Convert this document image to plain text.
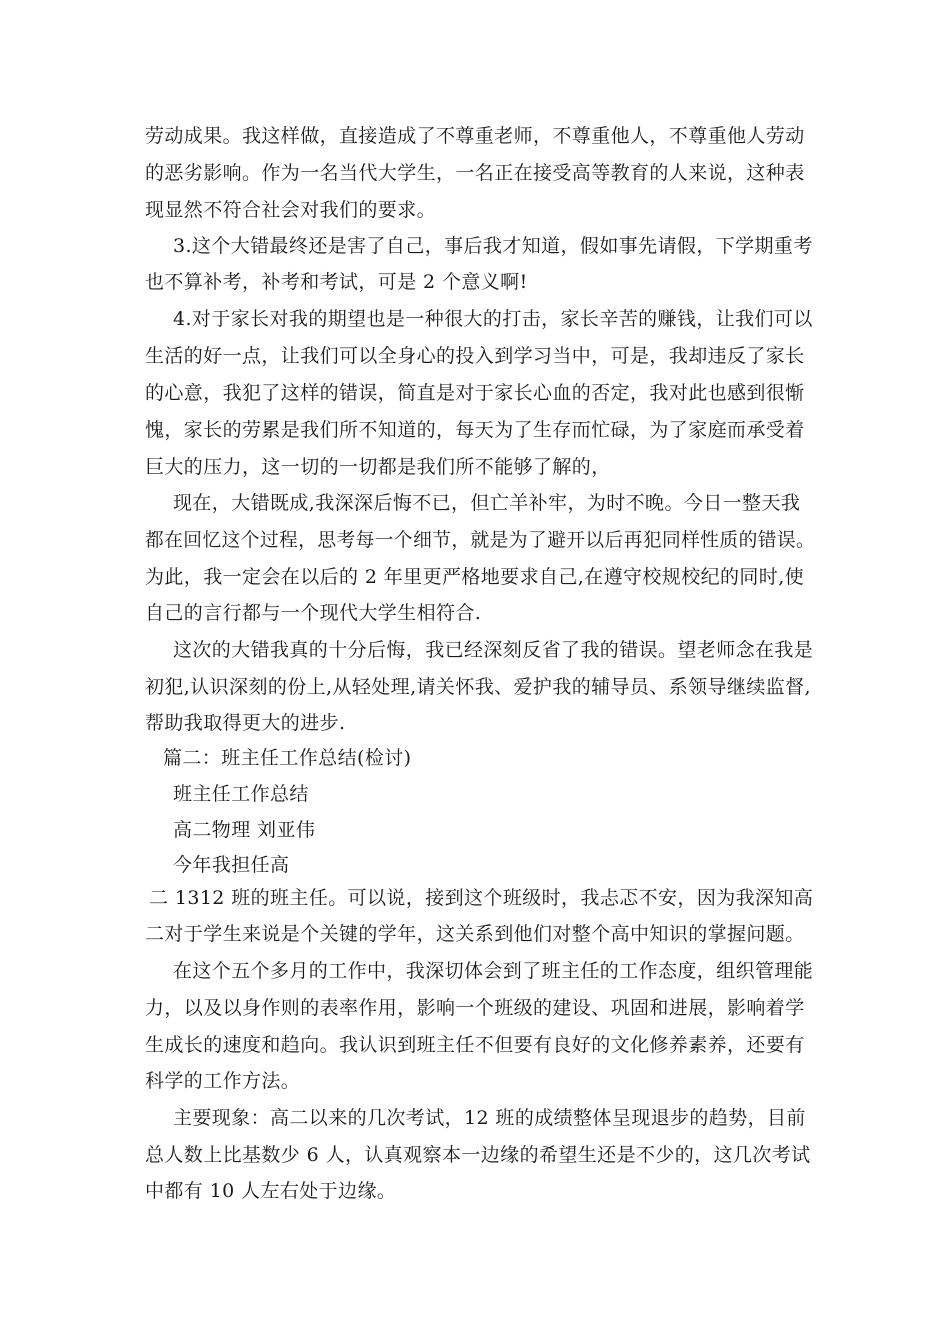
劳动成果。我这样做，直接造成了不尊重老师，不尊重他人，不尊重他人劳动
的恶劣影响。作为一名当代大学生，一名正在接受高等教育的人来说，这种表
现显然不符合社会对我们的要求。
3.这个大错最终还是害了自己，事后我才知道，假如事先请假，下学期重考
也不算补考，补考和考试，可是 2 个意义啊!
4.对于家长对我的期望也是一种很大的打击，家长辛苦的赚钱，让我们可以
生活的好一点，让我们可以全身心的投入到学习当中，可是，我却违反了家长
的心意，我犯了这样的错误，简直是对于家长心血的否定，我对此也感到很惭
愧，家长的劳累是我们所不知道的，每天为了生存而忙碌，为了家庭而承受着
巨大的压力，这一切的一切都是我们所不能够了解的，
现在，大错既成,我深深后悔不已，但亡羊补牢，为时不晚。今日一整天我
都在回忆这个过程，思考每一个细节，就是为了避开以后再犯同样性质的错误。
为此，我一定会在以后的 2 年里更严格地要求自己,在遵守校规校纪的同时,使
自己的言行都与一个现代大学生相符合.
这次的大错我真的十分后悔，我已经深刻反省了我的错误。望老师念在我是
初犯,认识深刻的份上,从轻处理,请关怀我、爱护我的辅导员、系领导继续监督,
帮助我取得更大的进步.
篇二：班主任工作总结(检讨)
班主任工作总结
高二物理 刘亚伟
今年我担任高
二 1312 班的班主任。可以说，接到这个班级时，我忐忑不安，因为我深知高
二对于学生来说是个关键的学年，这关系到他们对整个高中知识的掌握问题。
在这个五个多月的工作中，我深切体会到了班主任的工作态度，组织管理能
力，以及以身作则的表率作用，影响一个班级的建设、巩固和进展，影响着学
生成长的速度和趋向。我认识到班主任不但要有良好的文化修养素养，还要有
科学的工作方法。
主要现象：高二以来的几次考试，12 班的成绩整体呈现退步的趋势，目前
总人数上比基数少 6 人，认真观察本一边缘的希望生还是不少的，这几次考试
中都有 10 人左右处于边缘。
